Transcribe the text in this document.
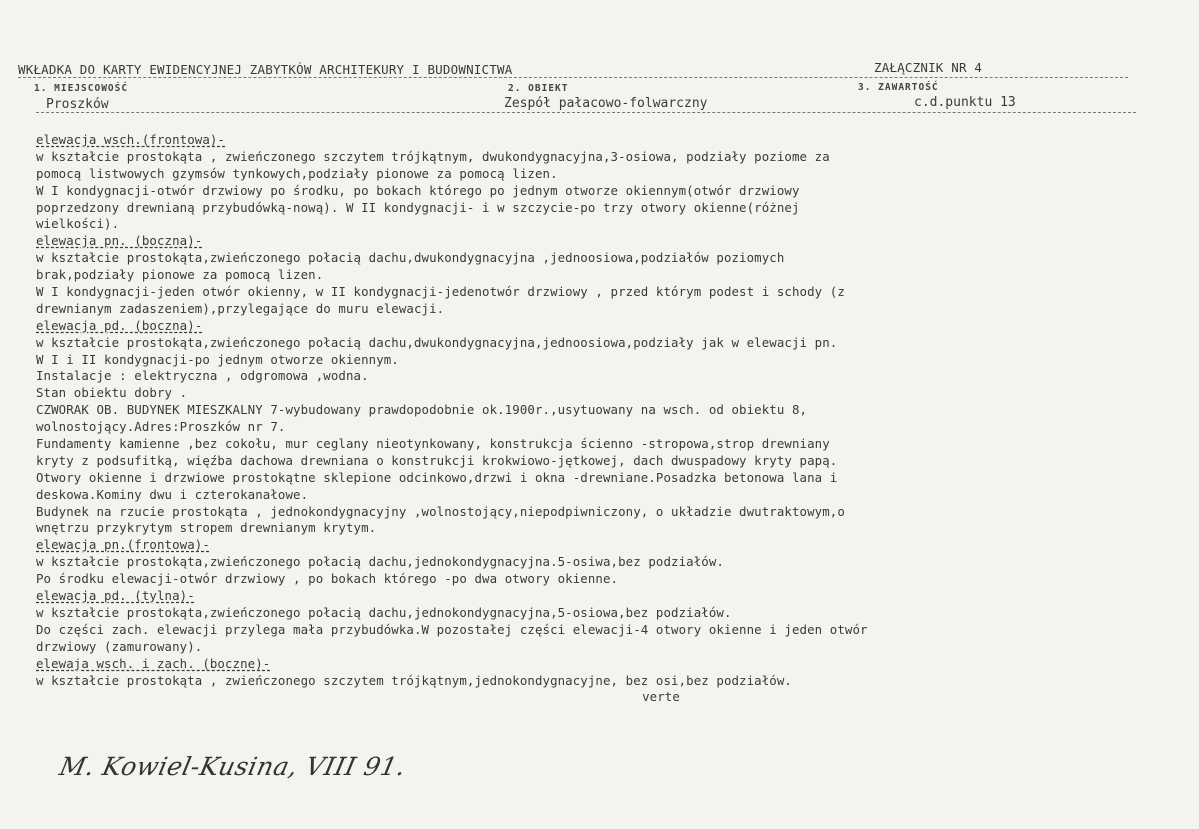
WKŁADKA DO KARTY EWIDENCYJNEJ ZABYTKÓW ARCHITEKURY I BUDOWNICTWA	ZAŁĄCZNIK NR 4
1. MIEJSCOWOŚĆ	2. OBIEKT	3. ZAWARTOŚĆ
Proszków	Zespół pałacowo-folwarczny	c.d.punktu 13
elewacja wsch.(frontowa)-
w kształcie prostokąta , zwieńczonego szczytem trójkątnym, dwukondygnacyjna,3-osiowa, podziały poziome za
pomocą listwowych gzymsów tynkowych,podziały pionowe za pomocą lizen.
W I kondygnacji-otwór drzwiowy po środku, po bokach którego po jednym otworze okiennym(otwór drzwiowy
poprzedzony drewnianą przybudówką-nową). W II kondygnacji- i w szczycie-po trzy otwory okienne(różnej
wielkości).
elewacja pn. (boczna)-
w kształcie prostokąta,zwieńczonego połacią dachu,dwukondygnacyjna ,jednoosiowa,podziałów poziomych
brak,podziały pionowe za pomocą lizen.
W I kondygnacji-jeden otwór okienny, w II kondygnacji-jedenotwór drzwiowy , przed którym podest i schody (z
drewnianym zadaszeniem),przylegające do muru elewacji.
elewacja pd. (boczna)-
w kształcie prostokąta,zwieńczonego połacią dachu,dwukondygnacyjna,jednoosiowa,podziały jak w elewacji pn.
W I i II kondygnacji-po jednym otworze okiennym.
Instalacje : elektryczna , odgromowa ,wodna.
Stan obiektu dobry .
CZWORAK OB. BUDYNEK MIESZKALNY 7-wybudowany prawdopodobnie ok.1900r.,usytuowany na wsch. od obiektu 8,
wolnostojący.Adres:Proszków nr 7.
Fundamenty kamienne ,bez cokołu, mur ceglany nieotynkowany, konstrukcja ścienno -stropowa,strop drewniany
kryty z podsufitką, więźba dachowa drewniana o konstrukcji krokwiowo-jętkowej, dach dwuspadowy kryty papą.
Otwory okienne i drzwiowe prostokątne sklepione odcinkowo,drzwi i okna -drewniane.Posadzka betonowa lana i
deskowa.Kominy dwu i czterokanałowe.
Budynek na rzucie prostokąta , jednokondygnacyjny ,wolnostojący,niepodpiwniczony, o układzie dwutraktowym,o
wnętrzu przykrytym stropem drewnianym krytym.
elewacja pn.(frontowa)-
w kształcie prostokąta,zwieńczonego połacią dachu,jednokondygnacyjna.5-osiwa,bez podziałów.
Po środku elewacji-otwór drzwiowy , po bokach którego -po dwa otwory okienne.
elewacja pd. (tylna)-
w kształcie prostokąta,zwieńczonego połacią dachu,jednokondygnacyjna,5-osiowa,bez podziałów.
Do części zach. elewacji przylega mała przybudówka.W pozostałej części elewacji-4 otwory okienne i jeden otwór
drzwiowy (zamurowany).
elewaja wsch. i zach. (boczne)-
w kształcie prostokąta , zwieńczonego szczytem trójkątnym,jednokondygnacyjne, bez osi,bez podziałów.
verte
M. Kowiel-Kusina, VIII 91.
